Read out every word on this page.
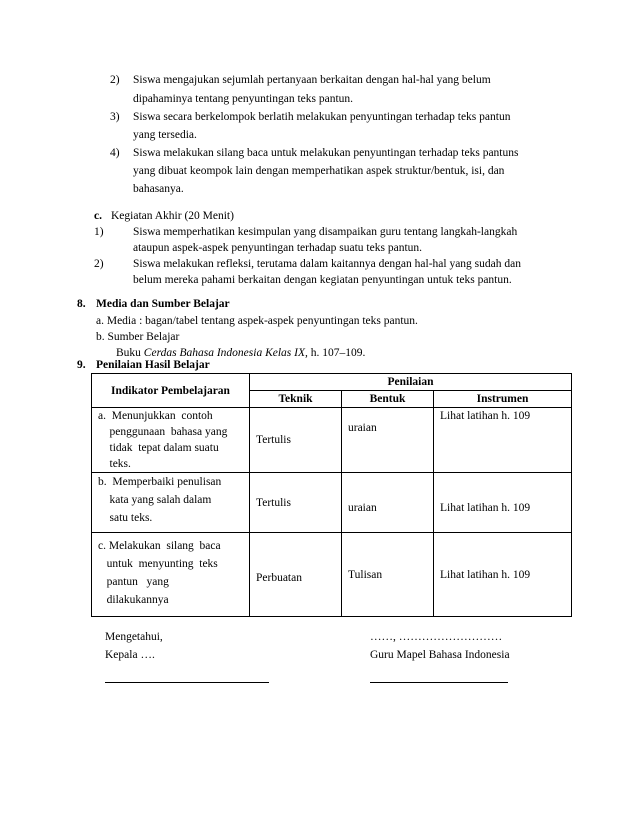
2) Siswa mengajukan sejumlah pertanyaan berkaitan dengan hal-hal yang belum
dipahaminya tentang penyuntingan teks pantun.
3) Siswa secara berkelompok berlatih melakukan penyuntingan terhadap teks pantun
yang tersedia.
4) Siswa melakukan silang baca untuk melakukan penyuntingan terhadap teks pantuns
yang dibuat keompok lain dengan memperhatikan aspek struktur/bentuk, isi, dan
bahasanya.
c. Kegiatan Akhir (20 Menit)
1)	Siswa memperhatikan kesimpulan yang disampaikan guru tentang langkah-langkah
ataupun aspek-aspek penyuntingan terhadap suatu teks pantun.
2)	Siswa melakukan refleksi, terutama dalam kaitannya dengan hal-hal yang sudah dan
belum mereka pahami berkaitan dengan kegiatan penyuntingan untuk teks pantun.
8. Media dan Sumber Belajar
a. Media : bagan/tabel tentang aspek-aspek penyuntingan teks pantun.
b. Sumber Belajar
Buku Cerdas Bahasa Indonesia Kelas IX, h. 107–109.
9. Penilaian Hasil Belajar
Indikator Pembelajaran	Penilaian		
	Teknik	Bentuk	Instrumen

a.  Menunjukkan  contoh
penggunaan  bahasa yang
tidak  tepat dalam suatu
teks.	Tertulis	uraian	Lihat latihan h. 109

b.  Memperbaiki penulisan
kata yang salah dalam
satu teks.	Tertulis	uraian	Lihat latihan h. 109

c. Melakukan  silang  baca
untuk  menyunting  teks
pantun   yang
dilakukannya	Perbuatan	Tulisan	Lihat latihan h. 109
Mengetahui,
Kepala ….
……, ………………………
Guru Mapel Bahasa Indonesia
